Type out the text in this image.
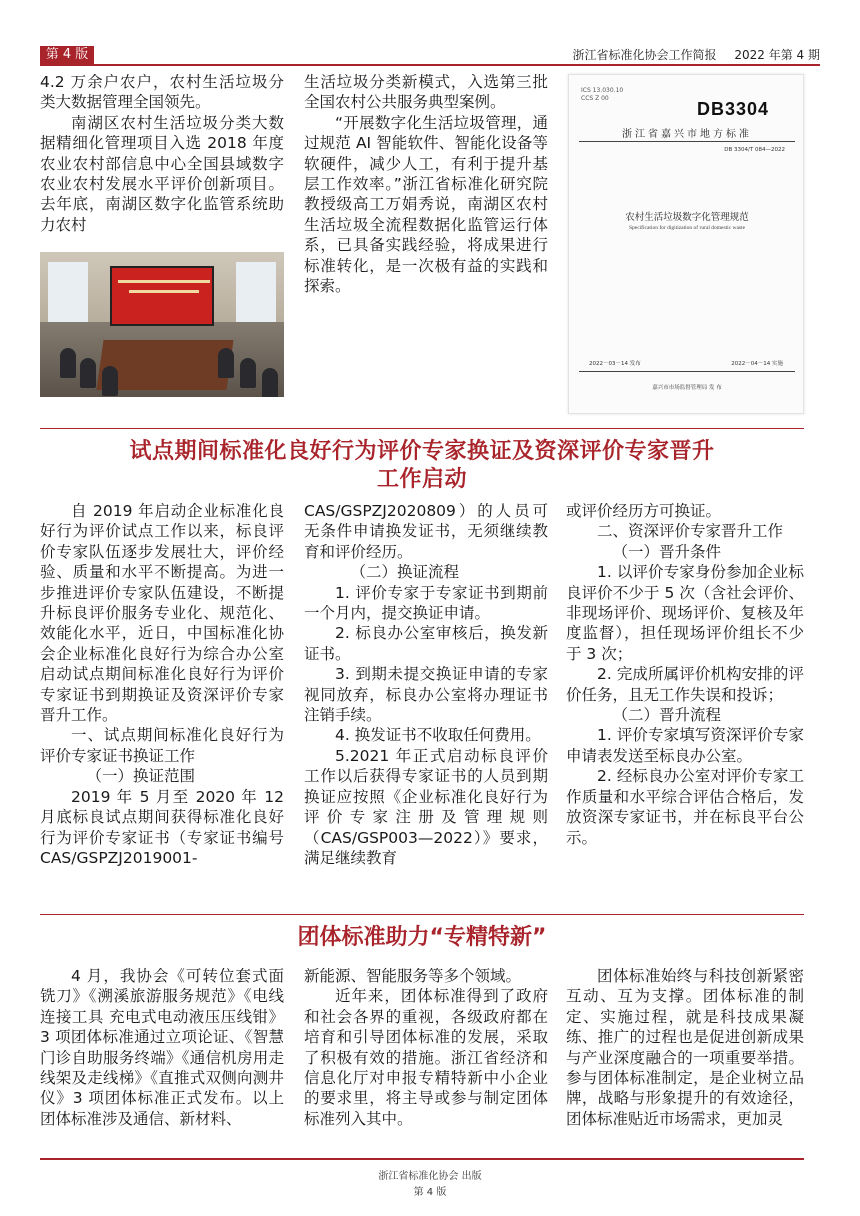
第 4 版	浙江省标准化协会工作简报 2022 年第 4 期

4.2 万余户农户，农村生活垃圾分类大数据管理全国领先。

南湖区农村生活垃圾分类大数据精细化管理项目入选 2018 年度农业农村部信息中心全国县域数字农业农村发展水平评价创新项目。去年底，南湖区数字化监管系统助力农村

生活垃圾分类新模式，入选第三批全国农村公共服务典型案例。

“开展数字化生活垃圾管理，通过规范 AI 智能软件、智能化设备等软硬件，减少人工，有利于提升基层工作效率。”浙江省标准化研究院教授级高工万娟秀说，南湖区农村生活垃圾全流程数据化监管运行体系，已具备实践经验，将成果进行标准转化，是一次极有益的实践和探索。

ICS 13.030.10
CCS Z 00
DB3304
浙江省嘉兴市地方标准
DB 3304/T 084—2022
农村生活垃圾数字化管理规范
Specification for digitization of rural domestic waste
2022－03－14 发布	2022－04－14 实施
嘉兴市市场监督管理局 发 布
试点期间标准化良好行为评价专家换证及资深评价专家晋升
工作启动

自 2019 年启动企业标准化良好行为评价试点工作以来，标良评价专家队伍逐步发展壮大，评价经验、质量和水平不断提高。为进一步推进评价专家队伍建设，不断提升标良评价服务专业化、规范化、效能化水平，近日，中国标准化协会企业标准化良好行为综合办公室启动试点期间标准化良好行为评价专家证书到期换证及资深评价专家晋升工作。

一、试点期间标准化良好行为评价专家证书换证工作

（一）换证范围

2019 年 5 月至 2020 年 12 月底标良试点期间获得标准化良好行为评价专家证书（专家证书编号 CAS/GSPZJ2019001-

CAS/GSPZJ2020809）的人员可无条件申请换发证书，无须继续教育和评价经历。

（二）换证流程

1. 评价专家于专家证书到期前一个月内，提交换证申请。

2. 标良办公室审核后，换发新证书。

3. 到期未提交换证申请的专家视同放弃，标良办公室将办理证书注销手续。

4. 换发证书不收取任何费用。

5.2021 年正式启动标良评价工作以后获得专家证书的人员到期换证应按照《企业标准化良好行为评价专家注册及管理规则（CAS/GSP003—2022）》要求，满足继续教育

或评价经历方可换证。

二、资深评价专家晋升工作

（一）晋升条件

1. 以评价专家身份参加企业标良评价不少于 5 次（含社会评价、非现场评价、现场评价、复核及年度监督），担任现场评价组长不少于 3 次；

2. 完成所属评价机构安排的评价任务，且无工作失误和投诉；

（二）晋升流程

1. 评价专家填写资深评价专家申请表发送至标良办公室。

2. 经标良办公室对评价专家工作质量和水平综合评估合格后，发放资深专家证书，并在标良平台公示。

团体标准助力“专精特新”

4 月，我协会《可转位套式面铣刀》《溯溪旅游服务规范》《电线连接工具 充电式电动液压压线钳》3 项团体标准通过立项论证、《智慧门诊自助服务终端》《通信机房用走线架及走线梯》《直推式双侧向测井仪》3 项团体标准正式发布。以上团体标准涉及通信、新材料、

新能源、智能服务等多个领域。

近年来，团体标准得到了政府和社会各界的重视，各级政府都在培育和引导团体标准的发展，采取了积极有效的措施。浙江省经济和信息化厅对申报专精特新中小企业的要求里，将主导或参与制定团体标准列入其中。

团体标准始终与科技创新紧密互动、互为支撑。团体标准的制定、实施过程，就是科技成果凝练、推广的过程也是促进创新成果与产业深度融合的一项重要举措。参与团体标准制定，是企业树立品牌，战略与形象提升的有效途径，团体标准贴近市场需求，更加灵

浙江省标准化协会 出版
第 4 版
